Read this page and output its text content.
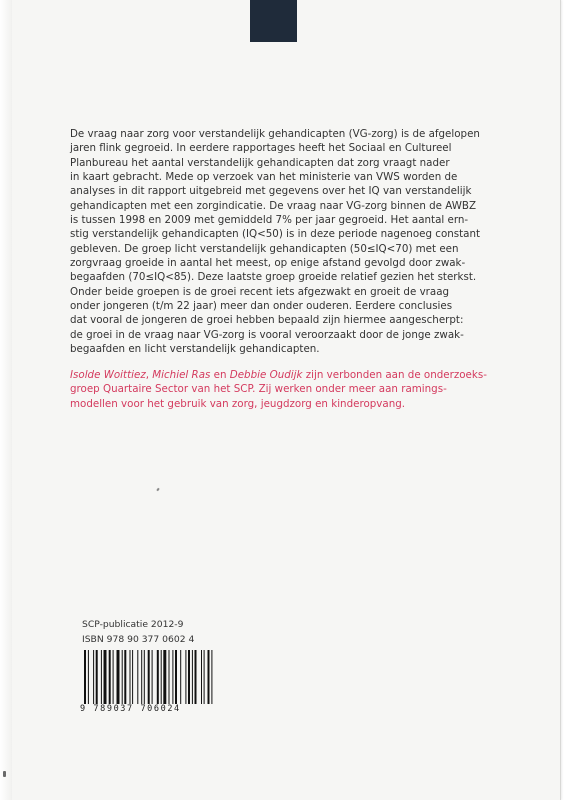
De vraag naar zorg voor verstandelijk gehandicapten (VG-zorg) is de afgelopen
jaren flink gegroeid. In eerdere rapportages heeft het Sociaal en Cultureel
Planbureau het aantal verstandelijk gehandicapten dat zorg vraagt nader
in kaart gebracht. Mede op verzoek van het ministerie van VWS worden de
analyses in dit rapport uitgebreid met gegevens over het IQ van verstandelijk
gehandicapten met een zorgindicatie. De vraag naar VG-zorg binnen de AWBZ
is tussen 1998 en 2009 met gemiddeld 7% per jaar gegroeid. Het aantal ern-
stig verstandelijk gehandicapten (IQ<50) is in deze periode nagenoeg constant
gebleven. De groep licht verstandelijk gehandicapten (50≤IQ<70) met een
zorgvraag groeide in aantal het meest, op enige afstand gevolgd door zwak-
begaafden (70≤IQ<85). Deze laatste groep groeide relatief gezien het sterkst.
Onder beide groepen is de groei recent iets afgezwakt en groeit de vraag
onder jongeren (t/m 22 jaar) meer dan onder ouderen. Eerdere conclusies
dat vooral de jongeren de groei hebben bepaald zijn hiermee aangescherpt:
de groei in de vraag naar VG-zorg is vooral veroorzaakt door de jonge zwak-
begaafden en licht verstandelijk gehandicapten.

Isolde Woittiez, Michiel Ras en Debbie Oudijk zijn verbonden aan de onderzoeks-
groep Quartaire Sector van het SCP. Zij werken onder meer aan ramings-
modellen voor het gebruik van zorg, jeugdzorg en kinderopvang.

SCP-publicatie 2012-9
ISBN 978 90 377 0602 4
9 789037 706024
